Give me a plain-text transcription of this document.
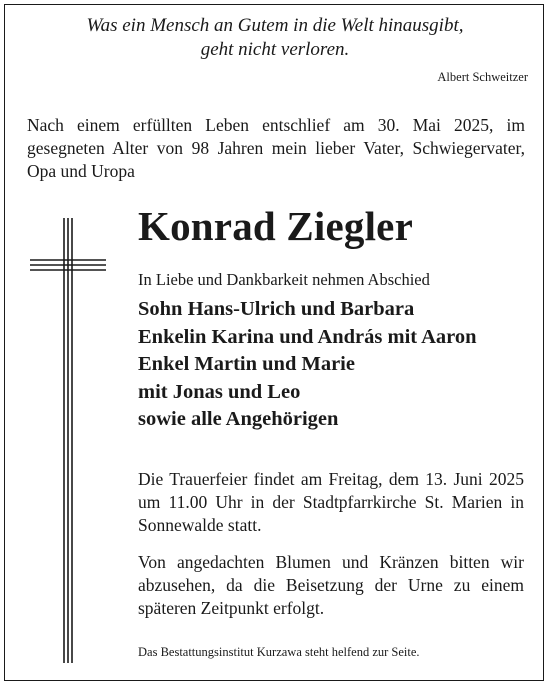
Was ein Mensch an Gutem in die Welt hinausgibt,
geht nicht verloren.
Albert Schweitzer
Nach einem erfüllten Leben entschlief am 30. Mai 2025, im gesegneten Alter von 98 Jahren mein lieber Vater, Schwiegervater, Opa und Uropa
Konrad Ziegler
In Liebe und Dankbarkeit nehmen Abschied
Sohn Hans-Ulrich und Barbara
Enkelin Karina und András mit Aaron
Enkel Martin und Marie
mit Jonas und Leo
sowie alle Angehörigen
Die Trauerfeier findet am Freitag, dem 13. Juni 2025 um 11.00 Uhr in der Stadtpfarrkirche St. Marien in Sonnewalde statt.
Von angedachten Blumen und Kränzen bitten wir abzusehen, da die Beisetzung der Urne zu einem späteren Zeitpunkt erfolgt.
Das Bestattungsinstitut Kurzawa steht helfend zur Seite.
